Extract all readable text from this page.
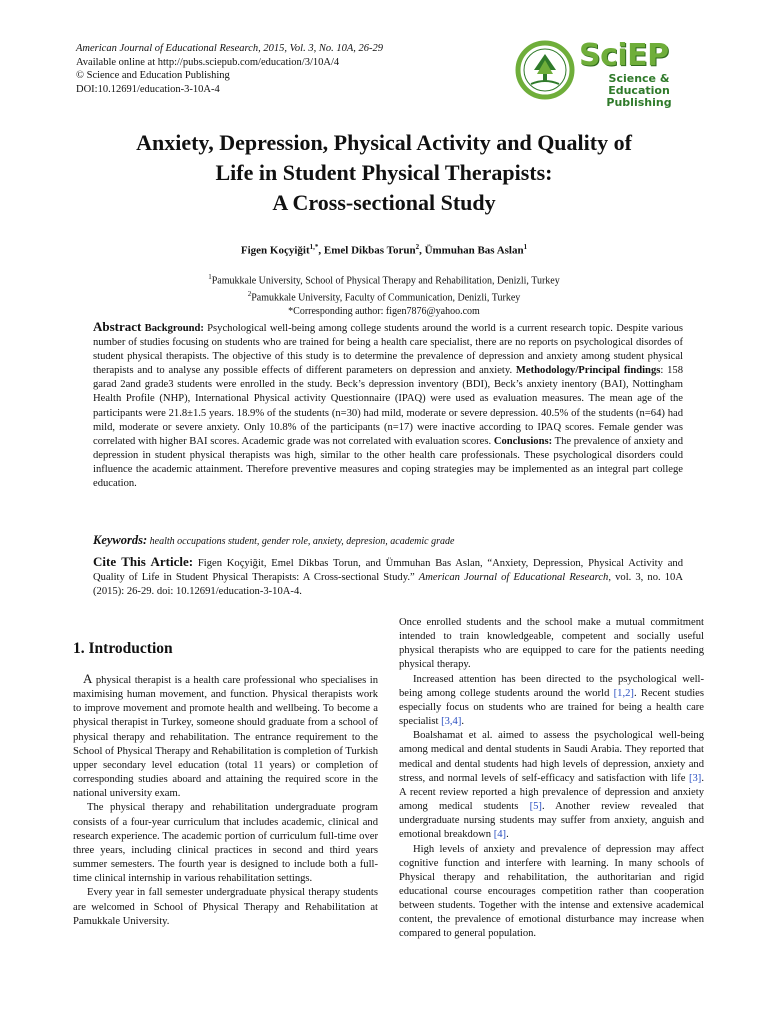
American Journal of Educational Research, 2015, Vol. 3, No. 10A, 26-29
Available online at http://pubs.sciepub.com/education/3/10A/4
© Science and Education Publishing
DOI:10.12691/education-3-10A-4
SciEP
Science & Education
Publishing
Anxiety, Depression, Physical Activity and Quality of
Life in Student Physical Therapists:
A Cross-sectional Study
Figen Koçyiğit$^{1,*}$, Emel Dikbas Torun$^2$, Ümmuhan Bas Aslan$^1$
$^1$Pamukkale University, School of Physical Therapy and Rehabilitation, Denizli, Turkey
$^2$Pamukkale University, Faculty of Communication, Denizli, Turkey
*Corresponding author: figen7876@yahoo.com
Abstract Background: Psychological well-being among college students around the world is a current research topic. Despite various number of studies focusing on students who are trained for being a health care specialist, there are no reports on psychological disordes of student physical therapists. The objective of this study is to determine the prevalence of depression and anxiety among student physical therapists and to analyse any possible effects of different parameters on depression and anxiety. Methodology/Principal findings: 158 garad 2and grade3 students were enrolled in the study. Beck’s depression inventory (BDI), Beck’s anxiety inentory (BAI), Nottingham Health Profile (NHP), International Physical activity Questionnaire (IPAQ) were used as evaluation measures. The mean age of the participants were 21.8±1.5 years. 18.9% of the students (n=30) had mild, moderate or severe depression. 40.5% of the students (n=64) had mild, moderate or severe anxiety. Only 10.8% of the participants (n=17) were inactive according to IPAQ scores. Female gender was correlated with higher BAI scores. Academic grade was not correlated with evaluation scores. Conclusions: The prevalence of anxiety and depression in student physical therapists was high, similar to the other health care professionals. These psychological disorders could influence the academic attainment. Therefore preventive measures and coping strategies may be implemented as an integral part college education.
Keywords: health occupations student, gender role, anxiety, depresion, academic grade
Cite This Article: Figen Koçyiğit, Emel Dikbas Torun, and Ümmuhan Bas Aslan, “Anxiety, Depression, Physical Activity and Quality of Life in Student Physical Therapists: A Cross-sectional Study.” American Journal of Educational Research, vol. 3, no. 10A (2015): 26-29. doi: 10.12691/education-3-10A-4.
1. Introduction

A physical therapist is a health care professional who specialises in maximising human movement, and function. Physical therapists work to improve movement and promote health and wellbeing. To become a physical therapist in Turkey, someone should graduate from a school of physical therapy and rehabilitation. The entrance requirement to the School of Physical Therapy and Rehabilitation is completion of Turkish upper secondary level education (total 11 years) or completion of corresponding studies aboard and attaining the required score in the national university exam.

The physical therapy and rehabilitation undergraduate program consists of a four-year curriculum that includes academic, clinical and research experience. The academic portion of curriculum full-time over three years, including clinical practices in second and third years summer semesters. The fourth year is designed to include both a full-time clinical internship in various rehabilitation settings.

Every year in fall semester undergraduate physical therapy students are welcomed in School of Physical Therapy and Rehabilitation at Pamukkale University.

Once enrolled students and the school make a mutual commitment intended to train knowledgeable, competent and socially useful physical therapists who are equipped to care for the patients needing physical therapy.

Increased attention has been directed to the psychological well-being among college students around the world [1,2]. Recent studies especially focus on students who are trained for being a health care specialist [3,4].

Boalshamat et al. aimed to assess the psychological well-being among medical and dental students in Saudi Arabia. They reported that medical and dental students had high levels of depression, anxiety and stress, and normal levels of self-efficacy and satisfaction with life [3]. A recent review reported a high prevalence of depression and anxiety among medical students [5]. Another review revealed that undergraduate nursing students may suffer from anxiety, anguish and emotional breakdown [4].

High levels of anxiety and prevalence of depression may affect cognitive function and interfere with learning. In many schools of Physical therapy and rehabilitation, the authoritarian and rigid educational course encourages competition rather than cooperation between students. Together with the intense and extensive academical content, the prevalence of emotional disturbance may increase when compared to general population.
